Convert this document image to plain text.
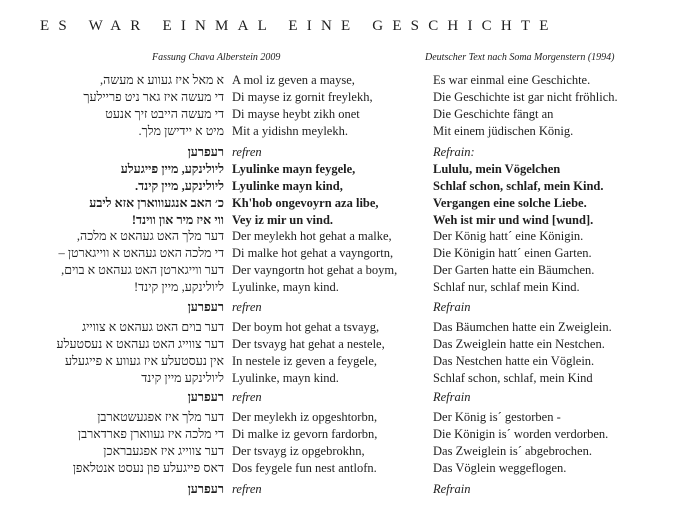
ES WAR EINMAL EINE GESCHICHTE
Fassung Chava Alberstein 2009	Deutscher Text nach Soma Morgenstern (1994)
א מאל איז געווע א מעשה, A mol iz geven a mayse,	Es war einmal eine Geschichte.
די מעשה איז גאר ניט פריילעך Di mayse iz gornit freylekh,	Die Geschichte ist gar nicht fröhlich.
די מעשה הייבט זיך אנעט Di mayse heybt zikh onet	Die Geschichte fängt an
מיט א יידישן מלך. Mit a yidishn meylekh.	Mit einem jüdischen König.
רעפרען refren	Refrain:
ליולינקע, מיין פייגעלע Lyulinke mayn feygele,	Lululu, mein Vögelchen
ליולינקע, מיין קינד. Lyulinke mayn kind,	Schlaf schon, schlaf, mein Kind.
כ׳ האב אנגעוווארן אזא ליבע Kh'hob ongevoyrn aza libe,	Vergangen eine solche Liebe.
ווי איז מיר און ווינד! Vey iz mir un vind.	Weh ist mir und wind [wund].
דער מלך האט געהאט א מלכה, Der meylekh hot gehat a malke,	Der König hatt´ eine Königin.
די מלכה האט געהאט א ווייגארטן – Di malke hot gehat a vayngortn,	Die Königin hatt´ einen Garten.
דער ווייגארטן האט געהאט א בוים, Der vayngortn hot gehat a boym,	Der Garten hatte ein Bäumchen.
ליולינקע, מיין קינד! Lyulinke, mayn kind.	Schlaf nur, schlaf mein Kind.
רעפרען refren	Refrain
דער בוים האט געהאט א צווייג Der boym hot gehat a tsvayg,	Das Bäumchen hatte ein Zweiglein.
דער צווייג האט געהאט א נעסטעלע Der tsvayg hat gehat a nestele,	Das Zweiglein hatte ein Nestchen.
אין נעסטעלע איז געווע א פייגעלע In nestele iz geven a feygele,	Das Nestchen hatte ein Vöglein.
ליולינקע מיין קינד Lyulinke, mayn kind.	Schlaf schon, schlaf, mein Kind
רעפרען refren	Refrain
דער מלך איז אפגעשטארבן Der meylekh iz opgeshtorbn,	Der König is´ gestorben -
די מלכה איז געווארן פארדארבן Di malke iz gevorn fardorbn,	Die Königin is´ worden verdorben.
דער צווייג איז אפגעבראכן Der tsvayg iz opgebrokhn,	Das Zweiglein is´ abgebrochen.
דאס פייגעלע פון נעסט אנטלאפן Dos feygele fun nest antlofn.	Das Vöglein weggeflogen.
רעפרען refren	Refrain
